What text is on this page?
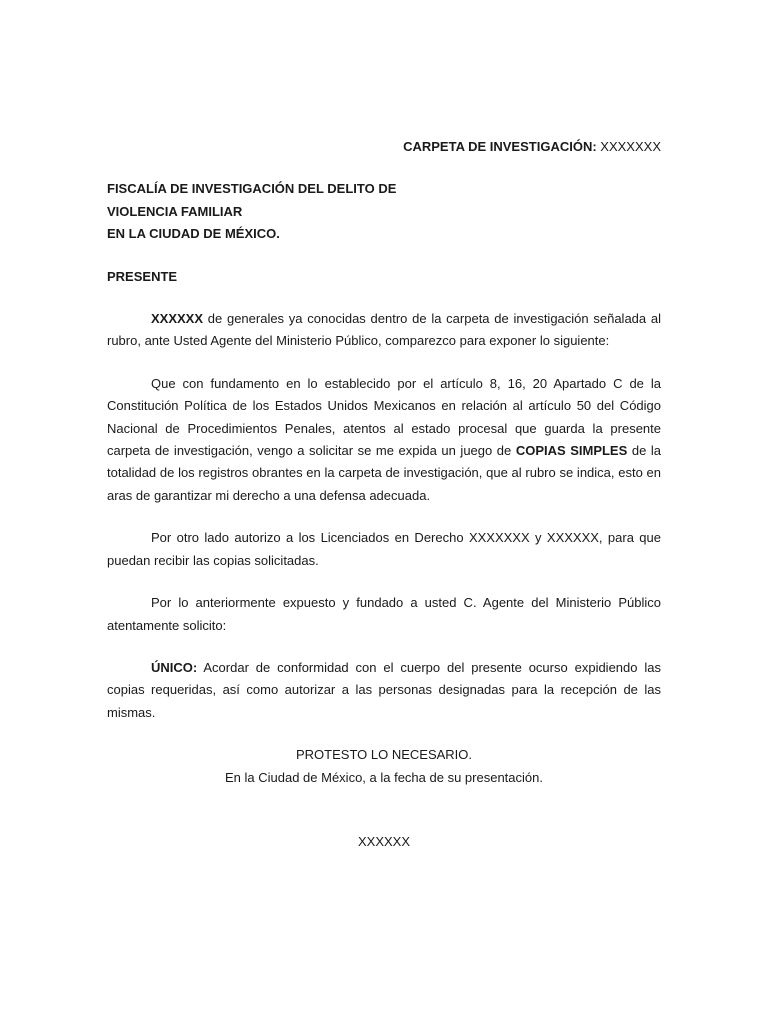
CARPETA DE INVESTIGACIÓN: XXXXXXX

FISCALÍA DE INVESTIGACIÓN DEL DELITO DE
VIOLENCIA FAMILIAR
EN LA CIUDAD DE MÉXICO.

PRESENTE

XXXXXX de generales ya conocidas dentro de la carpeta de investigación señalada al rubro, ante Usted Agente del Ministerio Público, comparezco para exponer lo siguiente:

Que con fundamento en lo establecido por el artículo 8, 16, 20 Apartado C de la Constitución Política de los Estados Unidos Mexicanos en relación al artículo 50 del Código Nacional de Procedimientos Penales, atentos al estado procesal que guarda la presente carpeta de investigación, vengo a solicitar se me expida un juego de COPIAS SIMPLES de la totalidad de los registros obrantes en la carpeta de investigación, que al rubro se indica, esto en aras de garantizar mi derecho a una defensa adecuada.

Por otro lado autorizo a los Licenciados en Derecho XXXXXXX y XXXXXX, para que puedan recibir las copias solicitadas.

Por lo anteriormente expuesto y fundado a usted C. Agente del Ministerio Público atentamente solicito:

ÚNICO: Acordar de conformidad con el cuerpo del presente ocurso expidiendo las copias requeridas, así como autorizar a las personas designadas para la recepción de las mismas.

PROTESTO LO NECESARIO.
En la Ciudad de México, a la fecha de su presentación.

XXXXXX
